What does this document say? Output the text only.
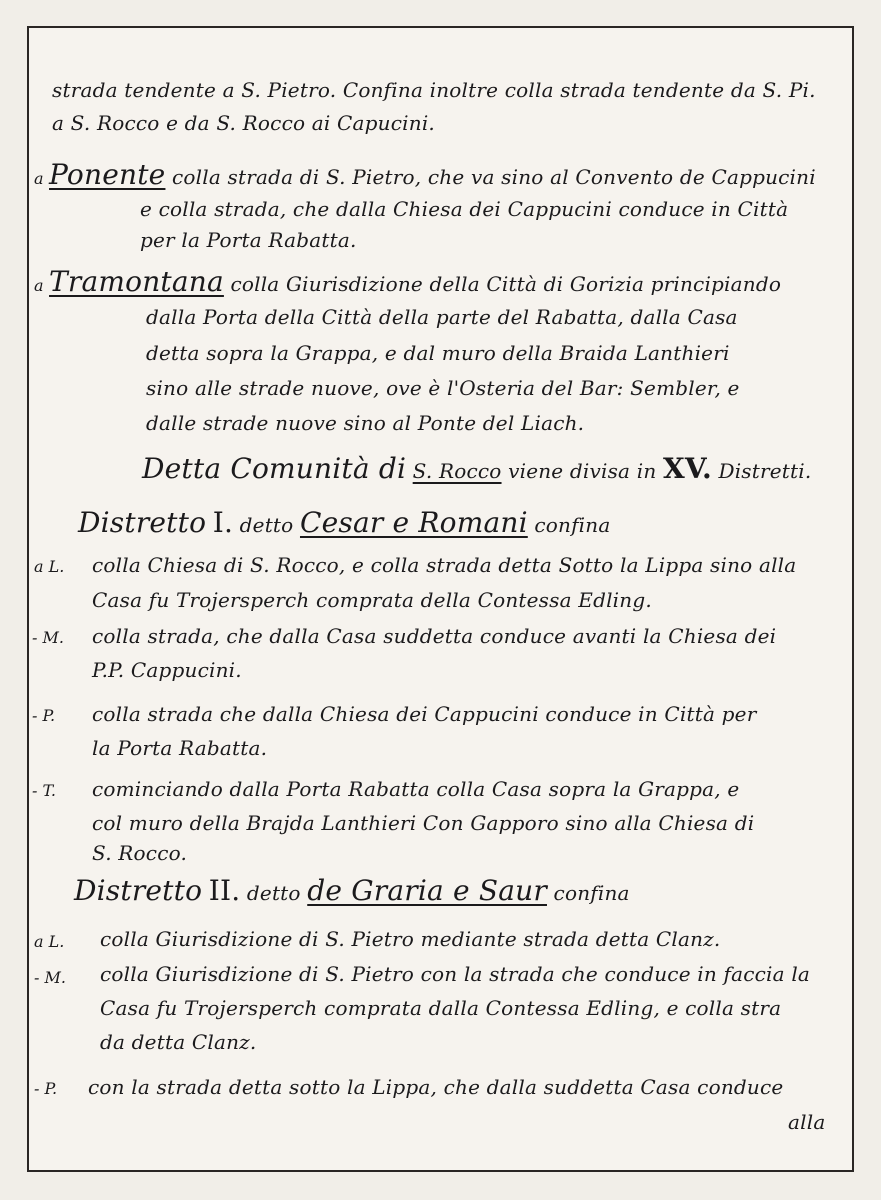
strada tendente a S. Pietro. Confina inoltre colla strada tendente da S. Pi.
a S. Rocco e da S. Rocco ai Capucini.
a Ponente colla strada di S. Pietro, che va sino al Convento de Cappucini
e colla strada, che dalla Chiesa dei Cappucini conduce in Città
per la Porta Rabatta.
a Tramontana colla Giurisdizione della Città di Gorizia principiando
dalla Porta della Città della parte del Rabatta, dalla Casa
detta sopra la Grappa, e dal muro della Braida Lanthieri
sino alle strade nuove, ove è l'Osteria del Bar: Sembler, e
dalle strade nuove sino al Ponte del Liach.
Detta Comunità di S. Rocco viene divisa in XV. Distretti.
Distretto I. detto Cesar e Romani confina
a L. colla Chiesa di S. Rocco, e colla strada detta Sotto la Lippa sino alla
Casa fu Trojersperch comprata della Contessa Edling.
- M. colla strada, che dalla Casa suddetta conduce avanti la Chiesa dei
P.P. Cappucini.
- P. colla strada che dalla Chiesa dei Cappucini conduce in Città per
la Porta Rabatta.
- T. cominciando dalla Porta Rabatta colla Casa sopra la Grappa, e
col muro della Brajda Lanthieri Con Gapporo sino alla Chiesa di
S. Rocco.
Distretto II. detto de Graria e Saur confina
a L. colla Giurisdizione di S. Pietro mediante strada detta Clanz.
- M. colla Giurisdizione di S. Pietro con la strada che conduce in faccia la
Casa fu Trojersperch comprata dalla Contessa Edling, e colla stra
da detta Clanz.
- P. con la strada detta sotto la Lippa, che dalla suddetta Casa conduce
alla
